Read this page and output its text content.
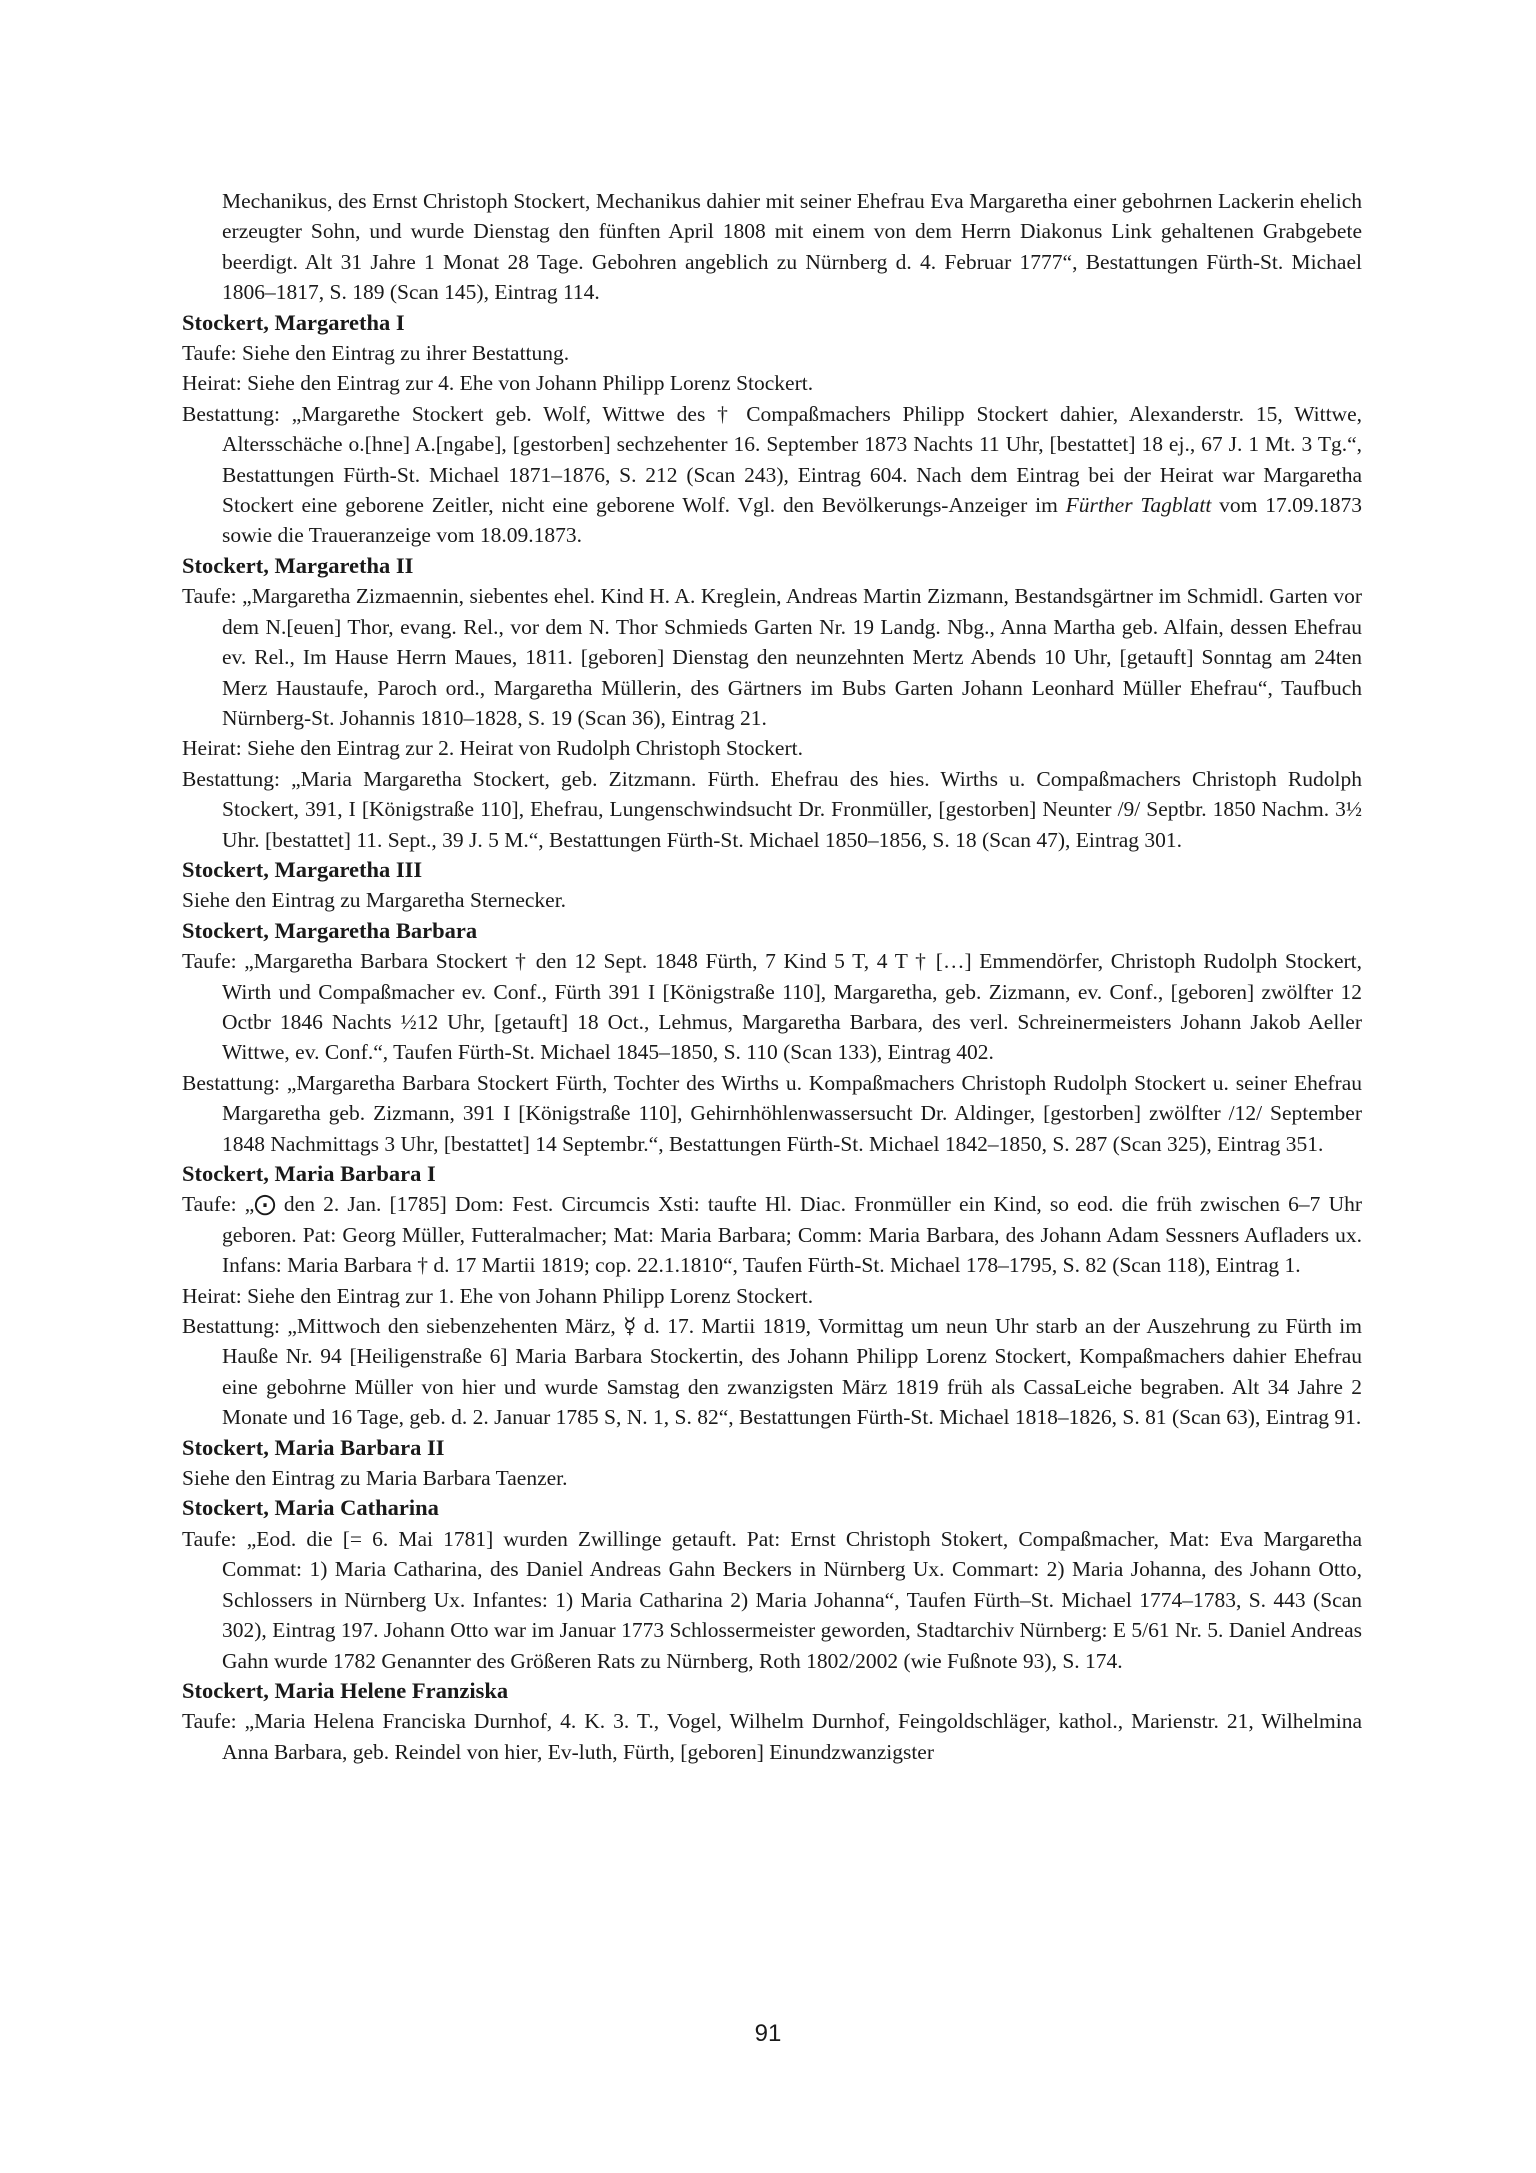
Mechanikus, des Ernst Christoph Stockert, Mechanikus dahier mit seiner Ehefrau Eva Margaretha einer gebohrnen Lackerin ehelich erzeugter Sohn, und wurde Dienstag den fünften April 1808 mit einem von dem Herrn Diakonus Link gehaltenen Grabgebete beerdigt. Alt 31 Jahre 1 Monat 28 Tage. Gebohren angeblich zu Nürnberg d. 4. Februar 1777“, Bestattungen Fürth-St. Michael 1806–1817, S. 189 (Scan 145), Eintrag 114.

Stockert, Margaretha I

Taufe: Siehe den Eintrag zu ihrer Bestattung.

Heirat: Siehe den Eintrag zur 4. Ehe von Johann Philipp Lorenz Stockert.

Bestattung: „Margarethe Stockert geb. Wolf, Wittwe des † Compaßmachers Philipp Stockert dahier, Alexanderstr. 15, Wittwe, Altersschäche o.[hne] A.[ngabe], [gestorben] sechzehenter 16. September 1873 Nachts 11 Uhr, [bestattet] 18 ej., 67 J. 1 Mt. 3 Tg.“, Bestattungen Fürth-St. Michael 1871–1876, S. 212 (Scan 243), Eintrag 604. Nach dem Eintrag bei der Heirat war Margaretha Stockert eine geborene Zeitler, nicht eine geborene Wolf. Vgl. den Bevölkerungs-Anzeiger im Fürther Tagblatt vom 17.09.1873 sowie die Traueranzeige vom 18.09.1873.

Stockert, Margaretha II

Taufe: „Margaretha Zizmaennin, siebentes ehel. Kind H. A. Kreglein, Andreas Martin Zizmann, Bestandsgärtner im Schmidl. Garten vor dem N.[euen] Thor, evang. Rel., vor dem N. Thor Schmieds Garten Nr. 19 Landg. Nbg., Anna Martha geb. Alfain, dessen Ehefrau ev. Rel., Im Hause Herrn Maues, 1811. [geboren] Dienstag den neunzehnten Mertz Abends 10 Uhr, [getauft] Sonntag am 24ten Merz Haustaufe, Paroch ord., Margaretha Müllerin, des Gärtners im Bubs Garten Johann Leonhard Müller Ehefrau“, Taufbuch Nürnberg-St. Johannis 1810–1828, S. 19 (Scan 36), Eintrag 21.

Heirat: Siehe den Eintrag zur 2. Heirat von Rudolph Christoph Stockert.

Bestattung: „Maria Margaretha Stockert, geb. Zitzmann. Fürth. Ehefrau des hies. Wirths u. Compaßmachers Christoph Rudolph Stockert, 391, I [Königstraße 110], Ehefrau, Lungenschwindsucht Dr. Fronmüller, [gestorben] Neunter /9/ Septbr. 1850 Nachm. 3½ Uhr. [bestattet] 11. Sept., 39 J. 5 M.“, Bestattungen Fürth-St. Michael 1850–1856, S. 18 (Scan 47), Eintrag 301.

Stockert, Margaretha III

Siehe den Eintrag zu Margaretha Sternecker.

Stockert, Margaretha Barbara

Taufe: „Margaretha Barbara Stockert † den 12 Sept. 1848 Fürth, 7 Kind 5 T, 4 T † […] Emmendörfer, Christoph Rudolph Stockert, Wirth und Compaßmacher ev. Conf., Fürth 391 I [Königstraße 110], Margaretha, geb. Zizmann, ev. Conf., [geboren] zwölfter 12 Octbr 1846 Nachts ½12 Uhr, [getauft] 18 Oct., Lehmus, Margaretha Barbara, des verl. Schreinermeisters Johann Jakob Aeller Wittwe, ev. Conf.“, Taufen Fürth-St. Michael 1845–1850, S. 110 (Scan 133), Eintrag 402.

Bestattung: „Margaretha Barbara Stockert Fürth, Tochter des Wirths u. Kompaßmachers Christoph Rudolph Stockert u. seiner Ehefrau Margaretha geb. Zizmann, 391 I [Königstraße 110], Gehirnhöhlenwassersucht Dr. Aldinger, [gestorben] zwölfter /12/ September 1848 Nachmittags 3 Uhr, [bestattet] 14 Septembr.“, Bestattungen Fürth-St. Michael 1842–1850, S. 287 (Scan 325), Eintrag 351.

Stockert, Maria Barbara I

Taufe: „⨀ den 2. Jan. [1785] Dom: Fest. Circumcis Xsti: taufte Hl. Diac. Fronmüller ein Kind, so eod. die früh zwischen 6–7 Uhr geboren. Pat: Georg Müller, Futteralmacher; Mat: Maria Barbara; Comm: Maria Barbara, des Johann Adam Sessners Aufladers ux. Infans: Maria Barbara † d. 17 Martii 1819; cop. 22.1.1810“, Taufen Fürth-St. Michael 178–1795, S. 82 (Scan 118), Eintrag 1.

Heirat: Siehe den Eintrag zur 1. Ehe von Johann Philipp Lorenz Stockert.

Bestattung: „Mittwoch den siebenzehenten März, ☿ d. 17. Martii 1819, Vormittag um neun Uhr starb an der Auszehrung zu Fürth im Hauße Nr. 94 [Heiligenstraße 6] Maria Barbara Stockertin, des Johann Philipp Lorenz Stockert, Kompaßmachers dahier Ehefrau eine gebohrne Müller von hier und wurde Samstag den zwanzigsten März 1819 früh als CassaLeiche begraben. Alt 34 Jahre 2 Monate und 16 Tage, geb. d. 2. Januar 1785 S, N. 1, S. 82“, Bestattungen Fürth-St. Michael 1818–1826, S. 81 (Scan 63), Eintrag 91.

Stockert, Maria Barbara II

Siehe den Eintrag zu Maria Barbara Taenzer.

Stockert, Maria Catharina

Taufe: „Eod. die [= 6. Mai 1781] wurden Zwillinge getauft. Pat: Ernst Christoph Stokert, Compaßmacher, Mat: Eva Margaretha Commat: 1) Maria Catharina, des Daniel Andreas Gahn Beckers in Nürnberg Ux. Commart: 2) Maria Johanna, des Johann Otto, Schlossers in Nürnberg Ux. Infantes: 1) Maria Catharina 2) Maria Johanna“, Taufen Fürth–St. Michael 1774–1783, S. 443 (Scan 302), Eintrag 197. Johann Otto war im Januar 1773 Schlossermeister geworden, Stadtarchiv Nürnberg: E 5/61 Nr. 5. Daniel Andreas Gahn wurde 1782 Genannter des Größeren Rats zu Nürnberg, Roth 1802/2002 (wie Fußnote 93), S. 174.

Stockert, Maria Helene Franziska

Taufe: „Maria Helena Franciska Durnhof, 4. K. 3. T., Vogel, Wilhelm Durnhof, Feingoldschläger, kathol., Marienstr. 21, Wilhelmina Anna Barbara, geb. Reindel von hier, Ev-luth, Fürth, [geboren] Einundzwanzigster

91
